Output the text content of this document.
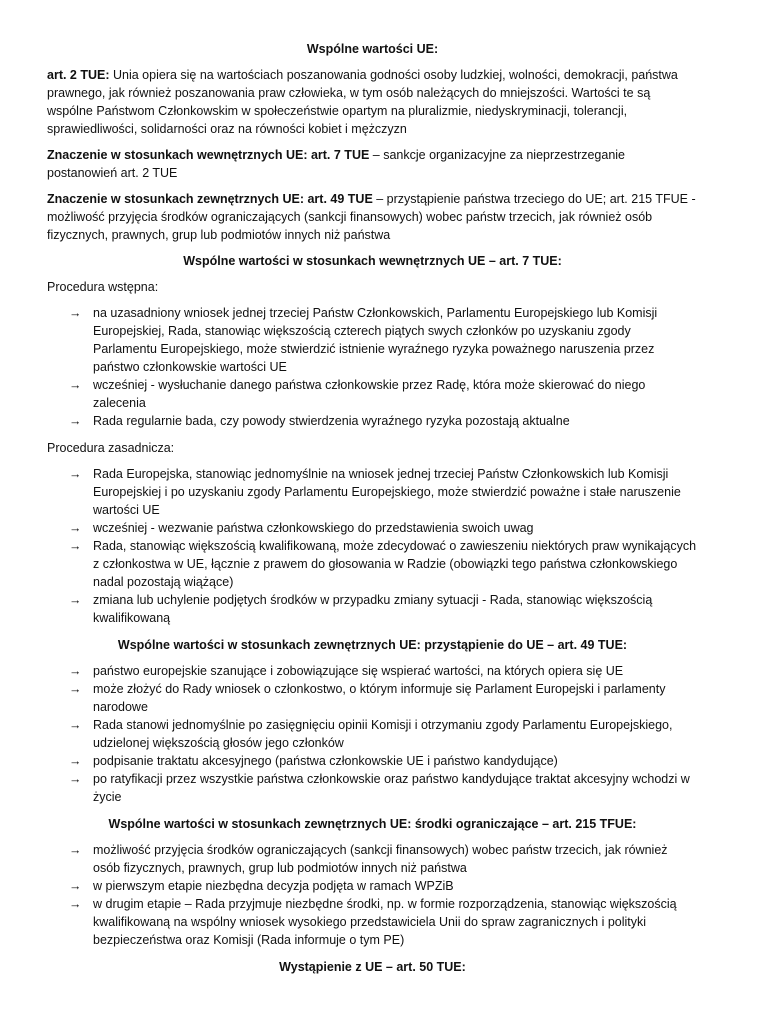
Wspólne wartości UE:
art. 2 TUE: Unia opiera się na wartościach poszanowania godności osoby ludzkiej, wolności, demokracji, państwa prawnego, jak również poszanowania praw człowieka, w tym osób należących do mniejszości. Wartości te są wspólne Państwom Członkowskim w społeczeństwie opartym na pluralizmie, niedyskryminacji, tolerancji, sprawiedliwości, solidarności oraz na równości kobiet i mężczyzn
Znaczenie w stosunkach wewnętrznych UE: art. 7 TUE – sankcje organizacyjne za nieprzestrzeganie postanowień art. 2 TUE
Znaczenie w stosunkach zewnętrznych UE: art. 49 TUE – przystąpienie państwa trzeciego do UE; art. 215 TFUE - możliwość przyjęcia środków ograniczających (sankcji finansowych) wobec państw trzecich, jak również osób fizycznych, prawnych, grup lub podmiotów innych niż państwa
Wspólne wartości w stosunkach wewnętrznych UE – art. 7 TUE:
Procedura wstępna:
→ na uzasadniony wniosek jednej trzeciej Państw Członkowskich, Parlamentu Europejskiego lub Komisji Europejskiej, Rada, stanowiąc większością czterech piątych swych członków po uzyskaniu zgody Parlamentu Europejskiego, może stwierdzić istnienie wyraźnego ryzyka poważnego naruszenia przez państwo członkowskie wartości UE
→ wcześniej - wysłuchanie danego państwa członkowskie przez Radę, która może skierować do niego zalecenia
→ Rada regularnie bada, czy powody stwierdzenia wyraźnego ryzyka pozostają aktualne
Procedura zasadnicza:
→ Rada Europejska, stanowiąc jednomyślnie na wniosek jednej trzeciej Państw Członkowskich lub Komisji Europejskiej i po uzyskaniu zgody Parlamentu Europejskiego, może stwierdzić poważne i stałe naruszenie wartości UE
→ wcześniej - wezwanie państwa członkowskiego do przedstawienia swoich uwag
→ Rada, stanowiąc większością kwalifikowaną, może zdecydować o zawieszeniu niektórych praw wynikających z członkostwa w UE, łącznie z prawem do głosowania w Radzie (obowiązki tego państwa członkowskiego nadal pozostają wiążące)
→ zmiana lub uchylenie podjętych środków w przypadku zmiany sytuacji - Rada, stanowiąc większością kwalifikowaną
Wspólne wartości w stosunkach zewnętrznych UE: przystąpienie do UE – art. 49 TUE:
→ państwo europejskie szanujące i zobowiązujące się wspierać wartości, na których opiera się UE
→ może złożyć do Rady wniosek o członkostwo, o którym informuje się Parlament Europejski i parlamenty narodowe
→ Rada stanowi jednomyślnie po zasięgnięciu opinii Komisji i otrzymaniu zgody Parlamentu Europejskiego, udzielonej większością głosów jego członków
→ podpisanie traktatu akcesyjnego (państwa członkowskie UE i państwo kandydujące)
→ po ratyfikacji przez wszystkie państwa członkowskie oraz państwo kandydujące traktat akcesyjny wchodzi w życie
Wspólne wartości w stosunkach zewnętrznych UE: środki ograniczające – art. 215 TFUE:
→ możliwość przyjęcia środków ograniczających (sankcji finansowych) wobec państw trzecich, jak również osób fizycznych, prawnych, grup lub podmiotów innych niż państwa
→ w pierwszym etapie niezbędna decyzja podjęta w ramach WPZiB
→ w drugim etapie – Rada przyjmuje niezbędne środki, np. w formie rozporządzenia, stanowiąc większością kwalifikowaną na wspólny wniosek wysokiego przedstawiciela Unii do spraw zagranicznych i polityki bezpieczeństwa oraz Komisji (Rada informuje o tym PE)
Wystąpienie z UE – art. 50 TUE:
